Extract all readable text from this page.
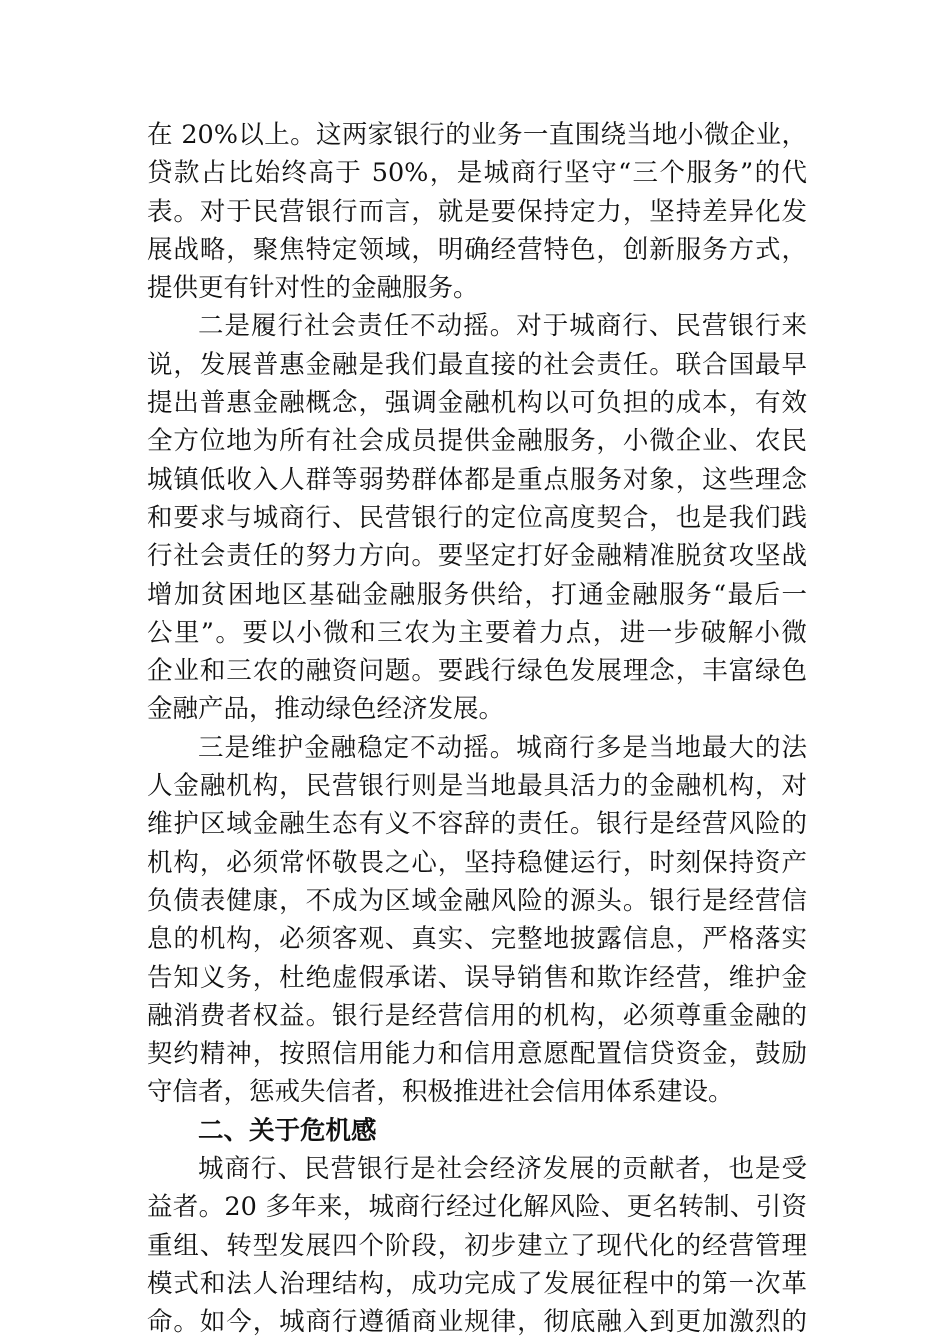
在 20%以上。这两家银行的业务一直围绕当地小微企业，
贷款占比始终高于 50%，是城商行坚守“三个服务”的代
表。对于民营银行而言，就是要保持定力，坚持差异化发
展战略，聚焦特定领域，明确经营特色，创新服务方式，
提供更有针对性的金融服务。
二是履行社会责任不动摇。对于城商行、民营银行来
说，发展普惠金融是我们最直接的社会责任。联合国最早
提出普惠金融概念，强调金融机构以可负担的成本，有效
全方位地为所有社会成员提供金融服务，小微企业、农民
城镇低收入人群等弱势群体都是重点服务对象，这些理念
和要求与城商行、民营银行的定位高度契合，也是我们践
行社会责任的努力方向。要坚定打好金融精准脱贫攻坚战
增加贫困地区基础金融服务供给，打通金融服务“最后一
公里”。要以小微和三农为主要着力点，进一步破解小微
企业和三农的融资问题。要践行绿色发展理念，丰富绿色
金融产品，推动绿色经济发展。
三是维护金融稳定不动摇。城商行多是当地最大的法
人金融机构，民营银行则是当地最具活力的金融机构，对
维护区域金融生态有义不容辞的责任。银行是经营风险的
机构，必须常怀敬畏之心，坚持稳健运行，时刻保持资产
负债表健康，不成为区域金融风险的源头。银行是经营信
息的机构，必须客观、真实、完整地披露信息，严格落实
告知义务，杜绝虚假承诺、误导销售和欺诈经营，维护金
融消费者权益。银行是经营信用的机构，必须尊重金融的
契约精神，按照信用能力和信用意愿配置信贷资金，鼓励
守信者，惩戒失信者，积极推进社会信用体系建设。
二、关于危机感
城商行、民营银行是社会经济发展的贡献者，也是受
益者。20 多年来，城商行经过化解风险、更名转制、引资
重组、转型发展四个阶段，初步建立了现代化的经营管理
模式和法人治理结构，成功完成了发展征程中的第一次革
命。如今，城商行遵循商业规律，彻底融入到更加激烈的
